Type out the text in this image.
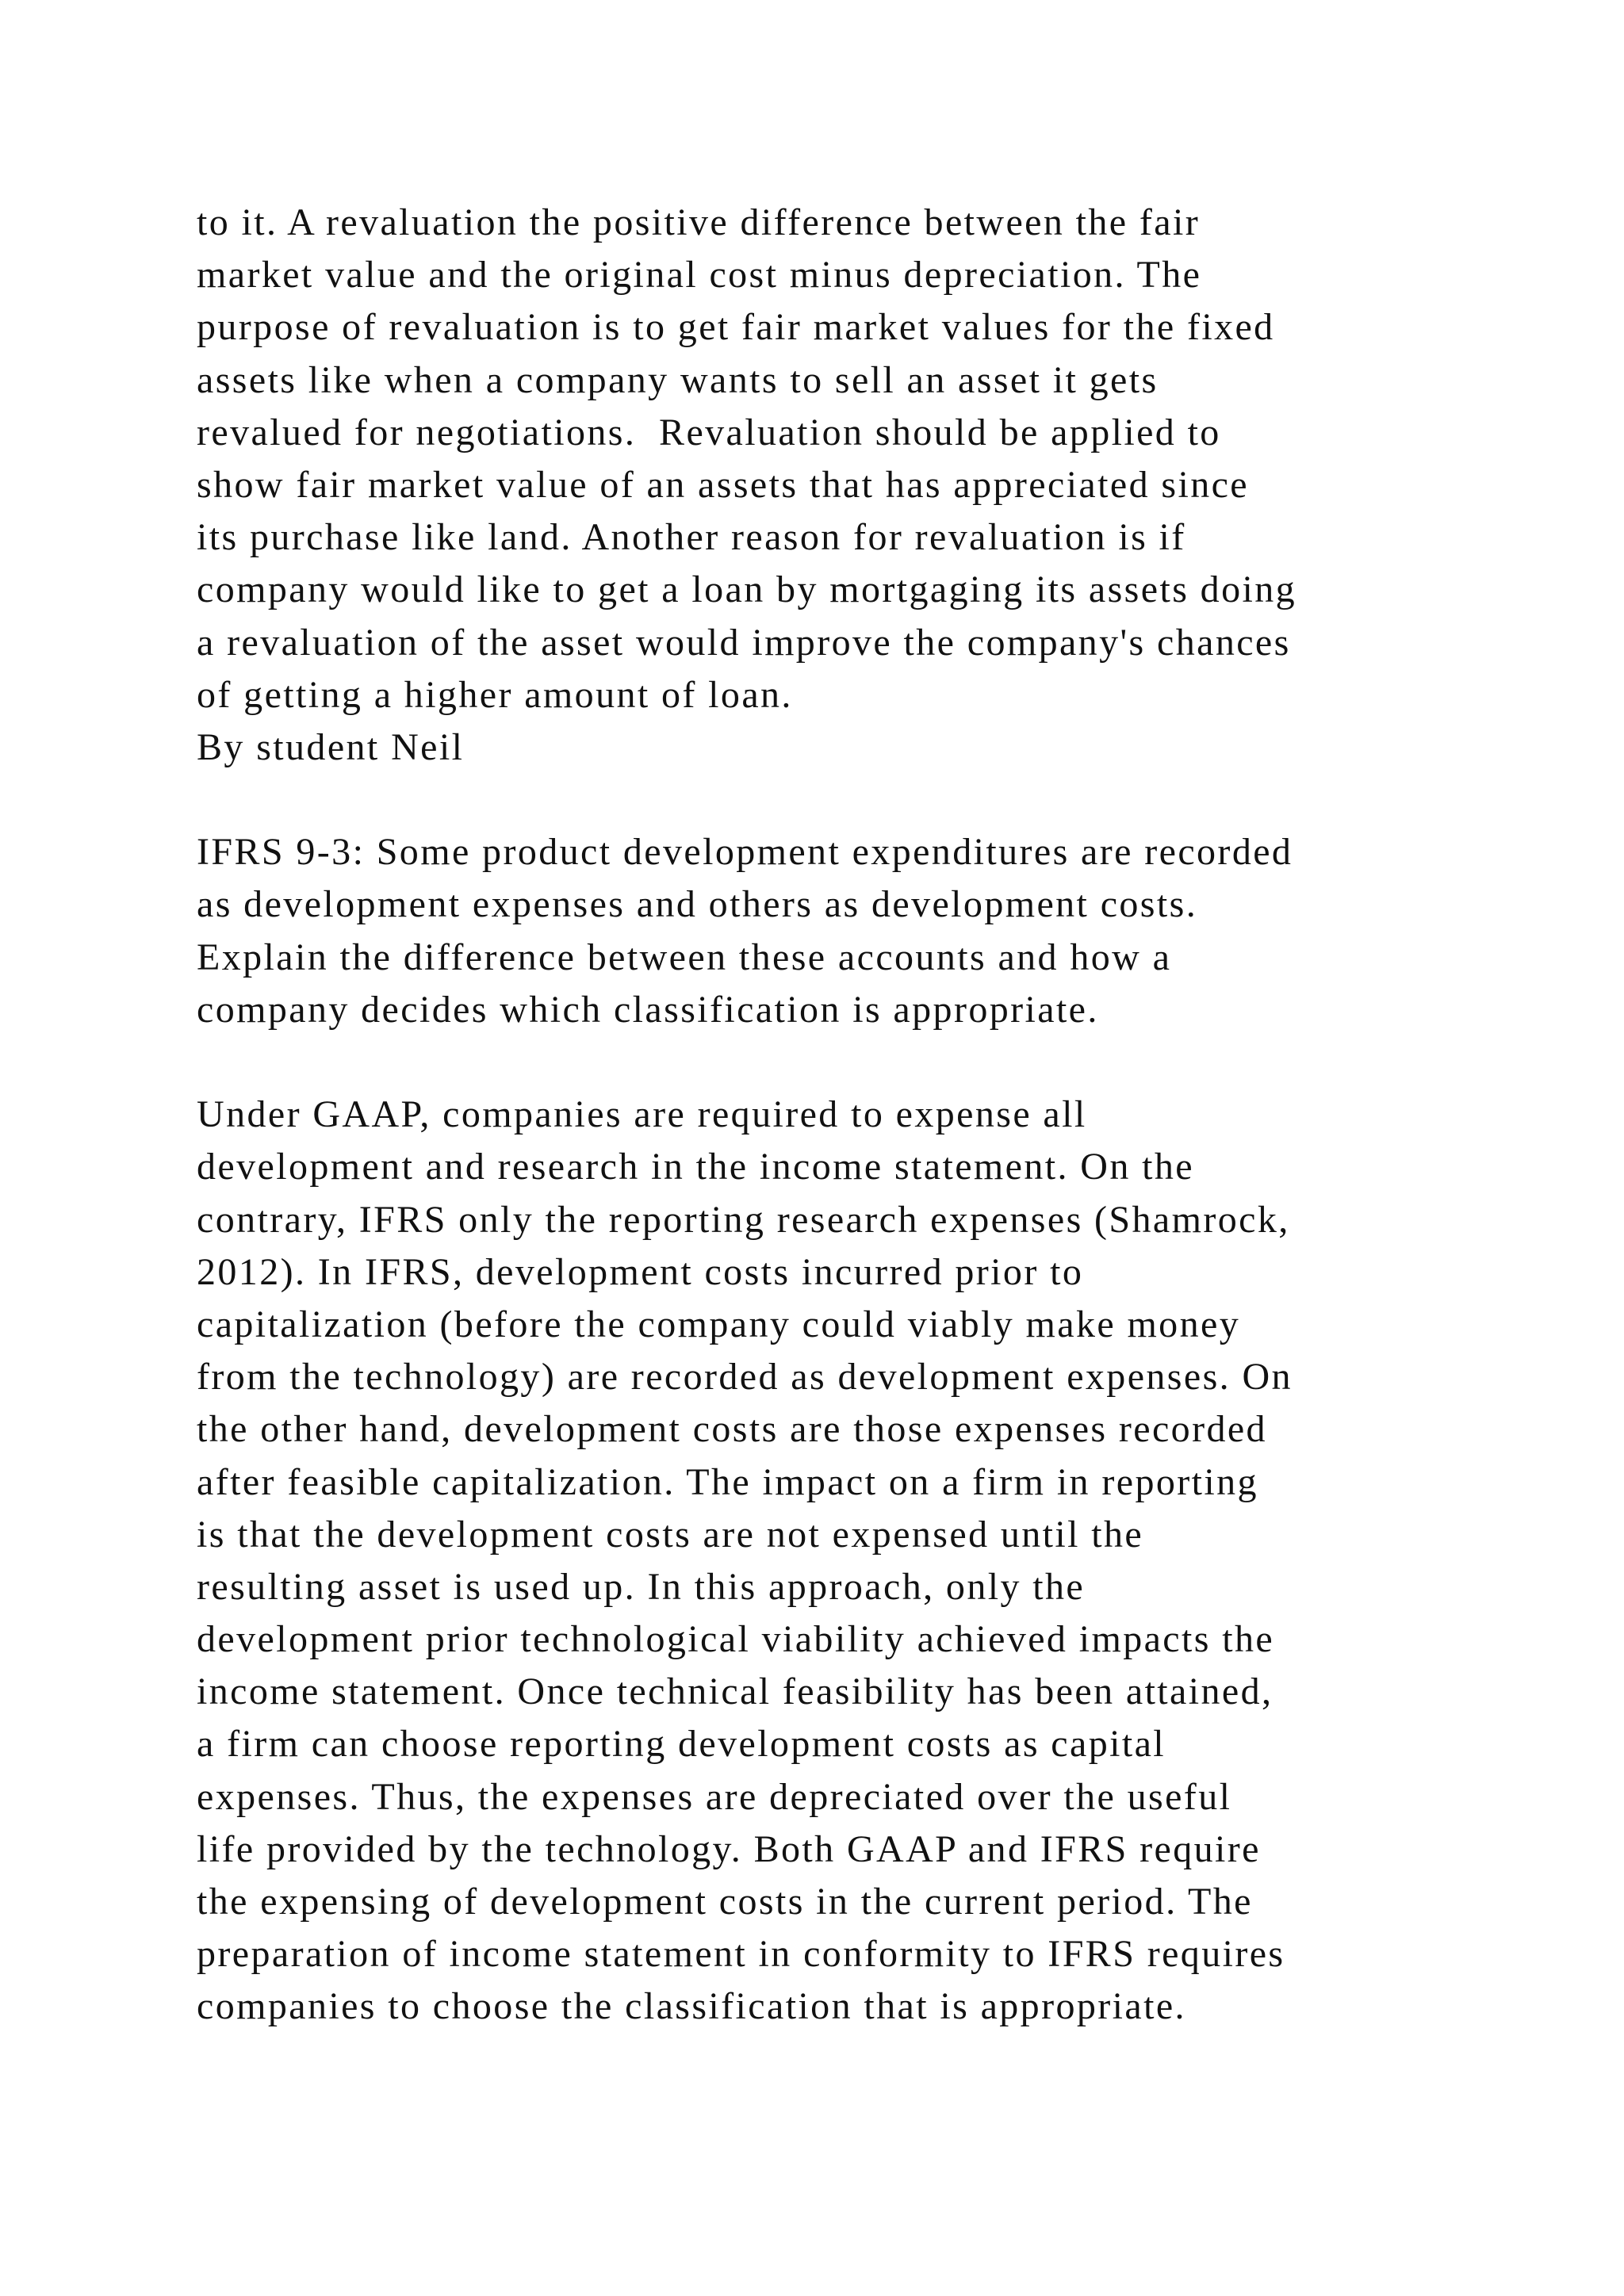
to it. A revaluation the positive difference between the fair
market value and the original cost minus depreciation. The
purpose of revaluation is to get fair market values for the fixed
assets like when a company wants to sell an asset it gets
revalued for negotiations.  Revaluation should be applied to
show fair market value of an assets that has appreciated since
its purchase like land. Another reason for revaluation is if
company would like to get a loan by mortgaging its assets doing
a revaluation of the asset would improve the company's chances
of getting a higher amount of loan.
By student Neil
IFRS 9-3: Some product development expenditures are recorded
as development expenses and others as development costs.
Explain the difference between these accounts and how a
company decides which classification is appropriate.
Under GAAP, companies are required to expense all
development and research in the income statement. On the
contrary, IFRS only the reporting research expenses (Shamrock,
2012). In IFRS, development costs incurred prior to
capitalization (before the company could viably make money
from the technology) are recorded as development expenses. On
the other hand, development costs are those expenses recorded
after feasible capitalization. The impact on a firm in reporting
is that the development costs are not expensed until the
resulting asset is used up. In this approach, only the
development prior technological viability achieved impacts the
income statement. Once technical feasibility has been attained,
a firm can choose reporting development costs as capital
expenses. Thus, the expenses are depreciated over the useful
life provided by the technology. Both GAAP and IFRS require
the expensing of development costs in the current period. The
preparation of income statement in conformity to IFRS requires
companies to choose the classification that is appropriate.
